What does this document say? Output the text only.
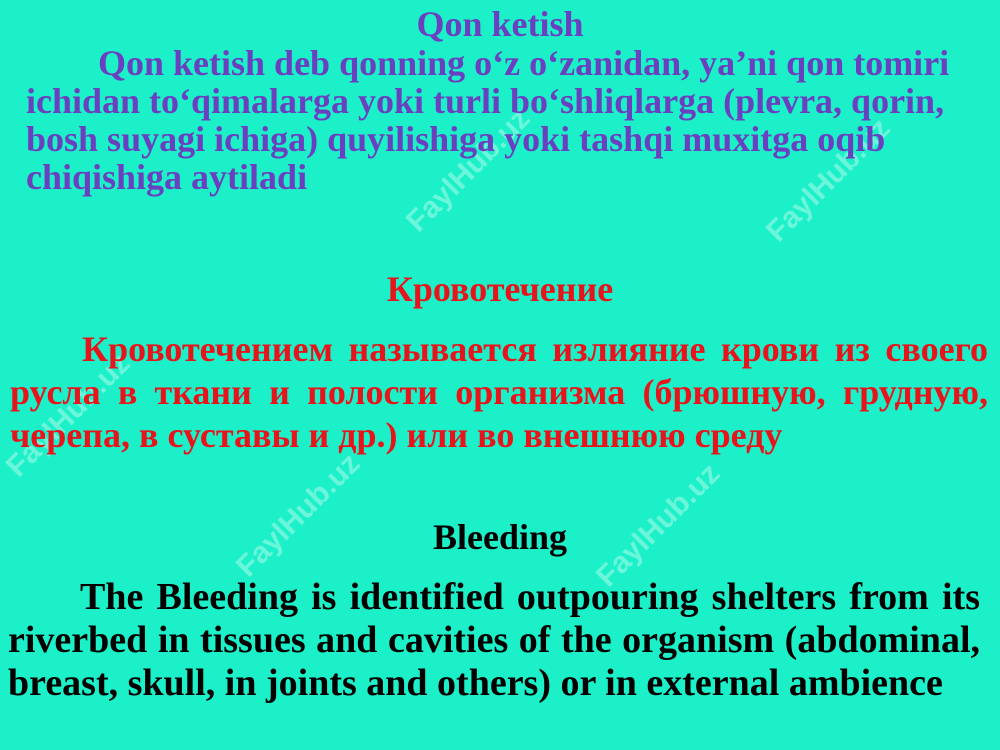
FaylHub.uz	FaylHub.uz
FaylHub.uz	FaylHub.uz
FaylHub.uz
Qon ketish

Qon ketish deb qonning o‘z o‘zanidan, ya’ni qon tomiri ichidan to‘qimalarga yoki turli bo‘shliqlarga (plevra, qorin, bosh suyagi ichiga) quyilishiga yoki tashqi muxitga oqib chiqishiga aytiladi

Кровотечение

Кровотечением называется излияние крови из своего русла в ткани и полости организма (брюшную, грудную, черепа, в суставы и др.) или во внешнюю среду

Bleeding

The Bleeding is identified outpouring shelters from its riverbed in tissues and cavities of the organism (abdominal, breast, skull, in joints and others) or in external ambience
